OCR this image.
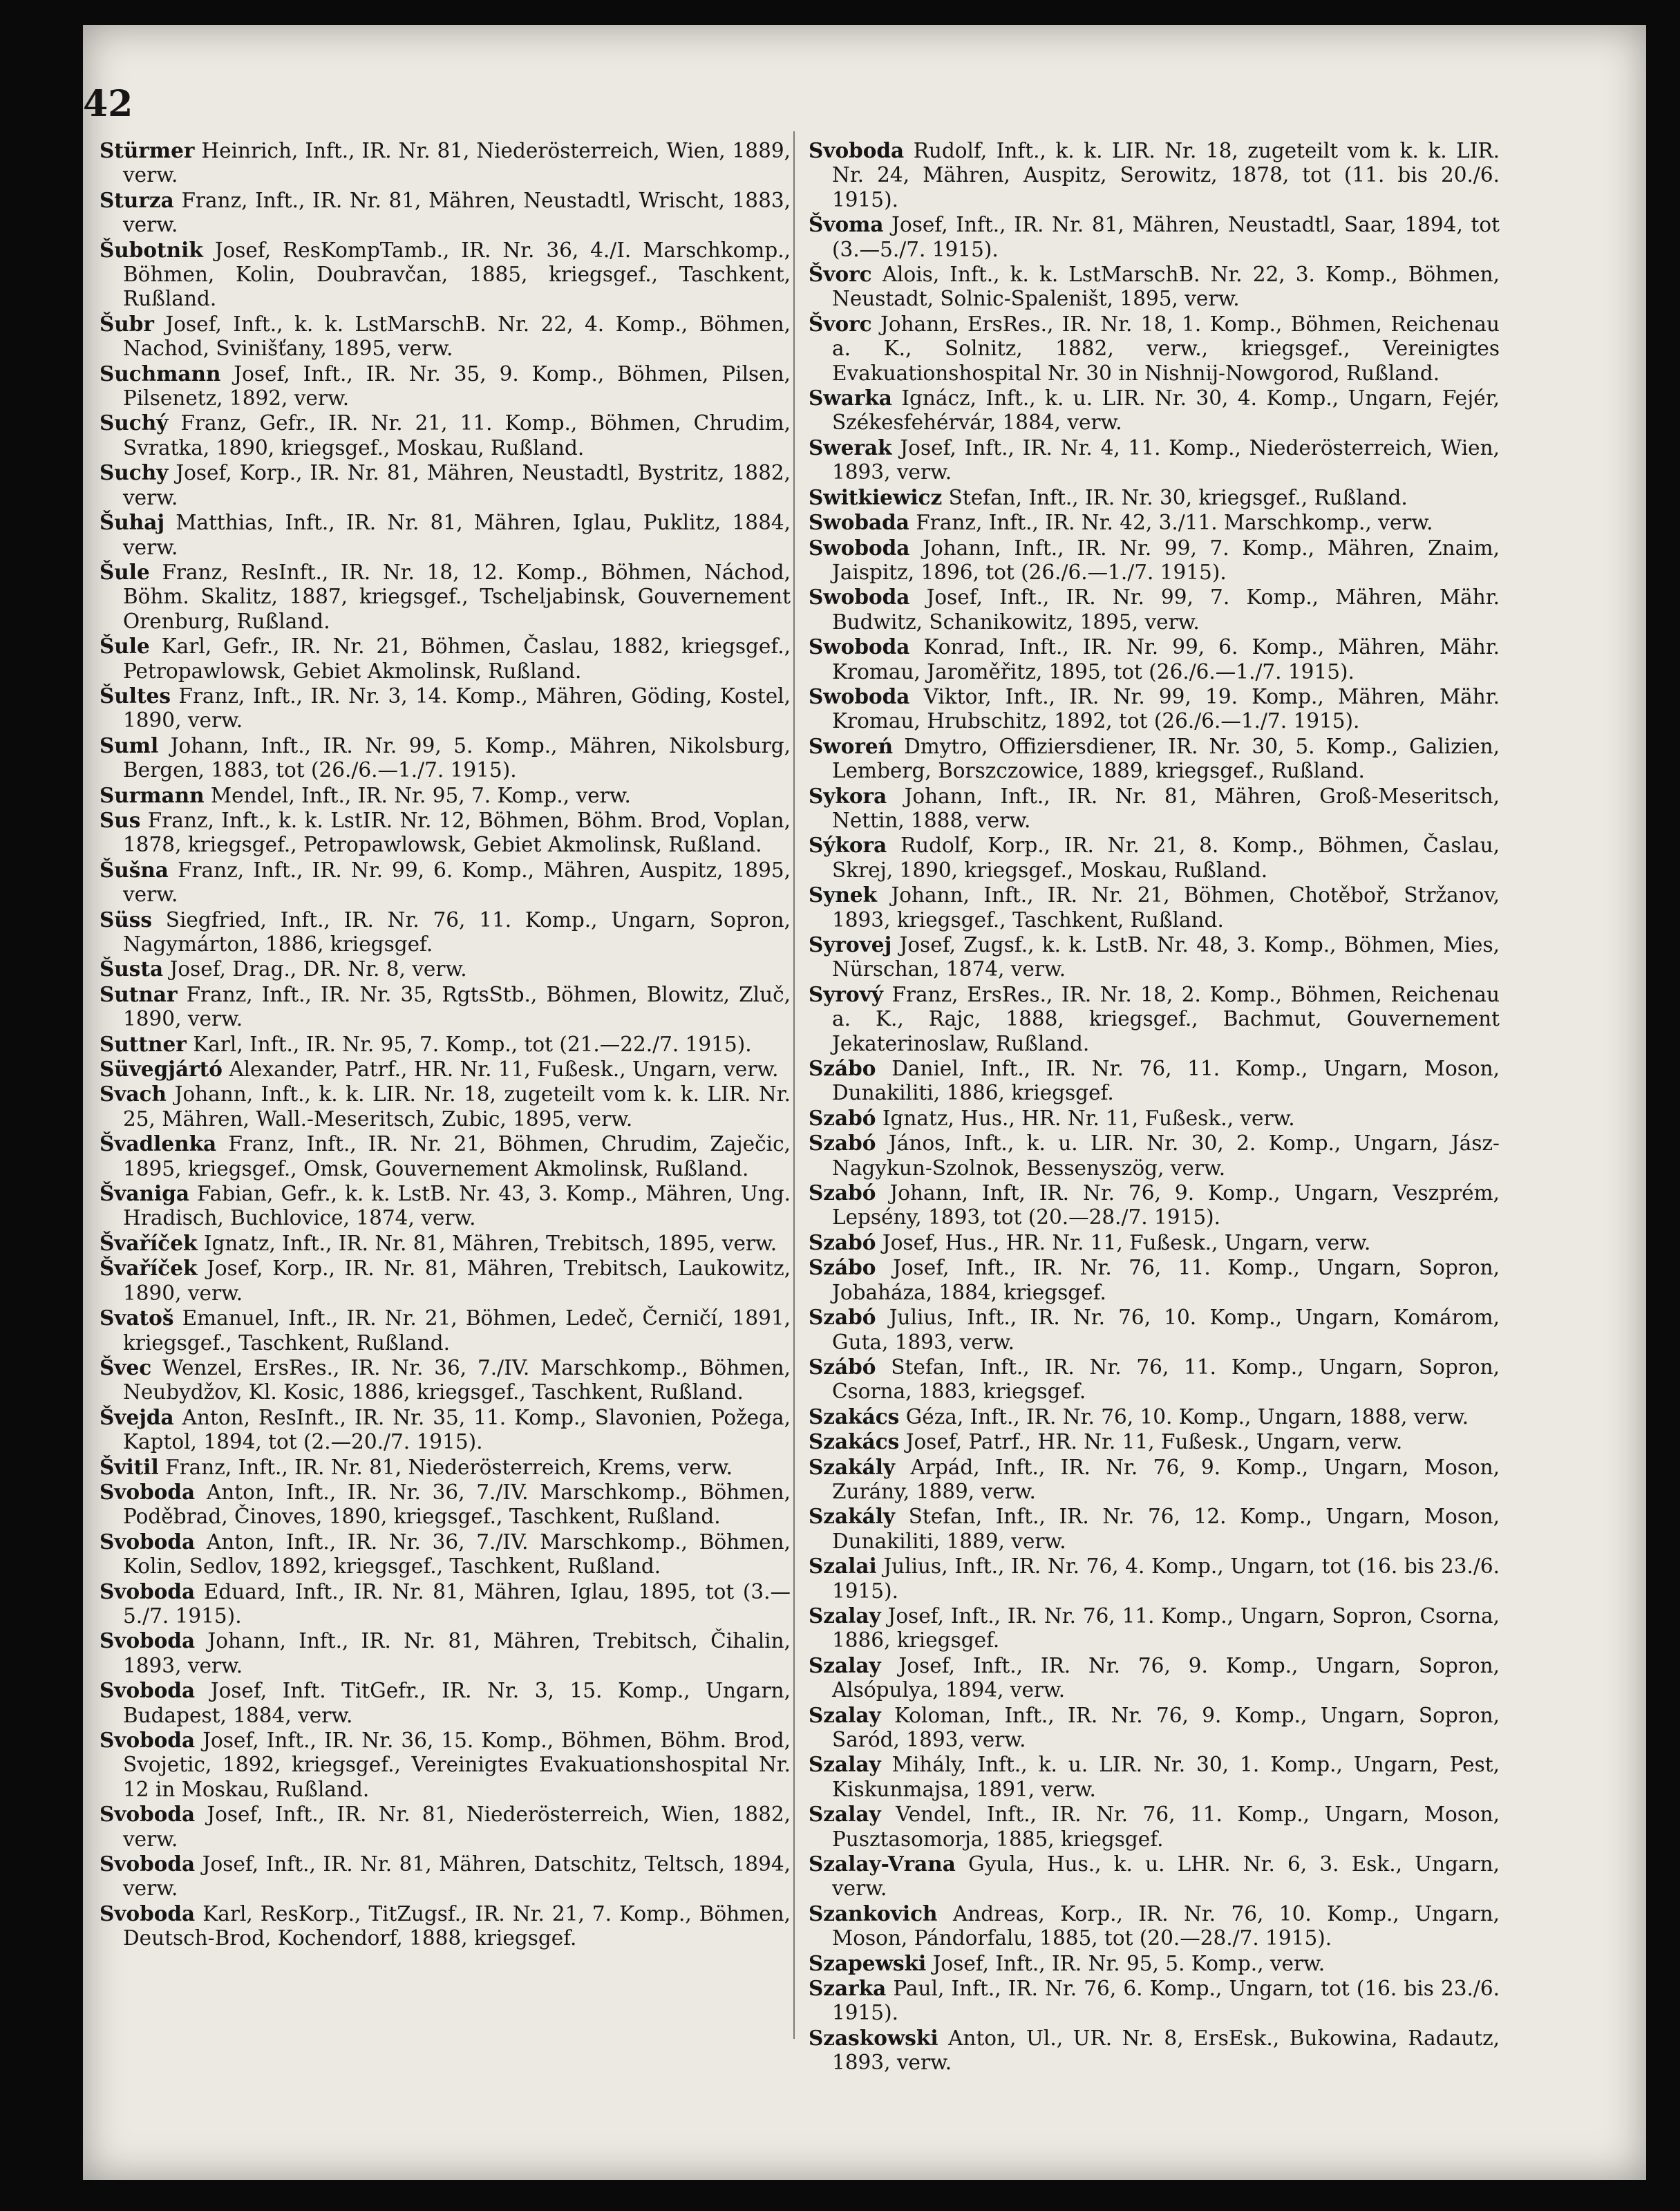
42

Stürmer Heinrich, Inft., IR. Nr. 81, Niederösterreich, Wien, 1889, verw.

Sturza Franz, Inft., IR. Nr. 81, Mähren, Neustadtl, Wrischt, 1883, verw.

Šubotnik Josef, ResKompTamb., IR. Nr. 36, 4./I. Marschkomp., Böhmen, Kolin, Doubravčan, 1885, kriegsgef., Taschkent, Rußland.

Šubr Josef, Inft., k. k. LstMarschB. Nr. 22, 4. Komp., Böhmen, Nachod, Svinišťany, 1895, verw.

Suchmann Josef, Inft., IR. Nr. 35, 9. Komp., Böhmen, Pilsen, Pilsenetz, 1892, verw.

Suchý Franz, Gefr., IR. Nr. 21, 11. Komp., Böhmen, Chrudim, Svratka, 1890, kriegsgef., Moskau, Rußland.

Suchy Josef, Korp., IR. Nr. 81, Mähren, Neustadtl, Bystritz, 1882, verw.

Šuhaj Matthias, Inft., IR. Nr. 81, Mähren, Iglau, Puklitz, 1884, verw.

Šule Franz, ResInft., IR. Nr. 18, 12. Komp., Böhmen, Náchod, Böhm. Skalitz, 1887, kriegsgef., Tscheljabinsk, Gouvernement Orenburg, Rußland.

Šule Karl, Gefr., IR. Nr. 21, Böhmen, Časlau, 1882, kriegsgef., Petropawlowsk, Gebiet Akmolinsk, Rußland.

Šultes Franz, Inft., IR. Nr. 3, 14. Komp., Mähren, Göding, Kostel, 1890, verw.

Suml Johann, Inft., IR. Nr. 99, 5. Komp., Mähren, Nikolsburg, Bergen, 1883, tot (26./6.—1./7. 1915).

Surmann Mendel, Inft., IR. Nr. 95, 7. Komp., verw.

Sus Franz, Inft., k. k. LstIR. Nr. 12, Böhmen, Böhm. Brod, Voplan, 1878, kriegsgef., Petropawlowsk, Gebiet Akmolinsk, Rußland.

Šušna Franz, Inft., IR. Nr. 99, 6. Komp., Mähren, Auspitz, 1895, verw.

Süss Siegfried, Inft., IR. Nr. 76, 11. Komp., Ungarn, Sopron, Nagymárton, 1886, kriegsgef.

Šusta Josef, Drag., DR. Nr. 8, verw.

Sutnar Franz, Inft., IR. Nr. 35, RgtsStb., Böhmen, Blowitz, Zluč, 1890, verw.

Suttner Karl, Inft., IR. Nr. 95, 7. Komp., tot (21.—22./7. 1915).

Süvegjártó Alexander, Patrf., HR. Nr. 11, Fußesk., Ungarn, verw.

Svach Johann, Inft., k. k. LIR. Nr. 18, zugeteilt vom k. k. LIR. Nr. 25, Mähren, Wall.-Meseritsch, Zubic, 1895, verw.

Švadlenka Franz, Inft., IR. Nr. 21, Böhmen, Chrudim, Zaječic, 1895, kriegsgef., Omsk, Gouvernement Akmolinsk, Rußland.

Švaniga Fabian, Gefr., k. k. LstB. Nr. 43, 3. Komp., Mähren, Ung. Hradisch, Buchlovice, 1874, verw.

Švaříček Ignatz, Inft., IR. Nr. 81, Mähren, Trebitsch, 1895, verw.

Švaříček Josef, Korp., IR. Nr. 81, Mähren, Trebitsch, Laukowitz, 1890, verw.

Svatoš Emanuel, Inft., IR. Nr. 21, Böhmen, Ledeč, Černičí, 1891, kriegsgef., Taschkent, Rußland.

Švec Wenzel, ErsRes., IR. Nr. 36, 7./IV. Marschkomp., Böhmen, Neubydžov, Kl. Kosic, 1886, kriegsgef., Taschkent, Rußland.

Švejda Anton, ResInft., IR. Nr. 35, 11. Komp., Slavonien, Požega, Kaptol, 1894, tot (2.—20./7. 1915).

Švitil Franz, Inft., IR. Nr. 81, Niederösterreich, Krems, verw.

Svoboda Anton, Inft., IR. Nr. 36, 7./IV. Marschkomp., Böhmen, Poděbrad, Činoves, 1890, kriegsgef., Taschkent, Rußland.

Svoboda Anton, Inft., IR. Nr. 36, 7./IV. Marschkomp., Böhmen, Kolin, Sedlov, 1892, kriegsgef., Taschkent, Rußland.

Svoboda Eduard, Inft., IR. Nr. 81, Mähren, Iglau, 1895, tot (3.—5./7. 1915).

Svoboda Johann, Inft., IR. Nr. 81, Mähren, Trebitsch, Čihalin, 1893, verw.

Svoboda Josef, Inft. TitGefr., IR. Nr. 3, 15. Komp., Ungarn, Budapest, 1884, verw.

Svoboda Josef, Inft., IR. Nr. 36, 15. Komp., Böhmen, Böhm. Brod, Svojetic, 1892, kriegsgef., Vereinigtes Evakuationshospital Nr. 12 in Moskau, Rußland.

Svoboda Josef, Inft., IR. Nr. 81, Niederösterreich, Wien, 1882, verw.

Svoboda Josef, Inft., IR. Nr. 81, Mähren, Datschitz, Teltsch, 1894, verw.

Svoboda Karl, ResKorp., TitZugsf., IR. Nr. 21, 7. Komp., Böhmen, Deutsch-Brod, Kochendorf, 1888, kriegsgef.

Svoboda Rudolf, Inft., k. k. LIR. Nr. 18, zugeteilt vom k. k. LIR. Nr. 24, Mähren, Auspitz, Serowitz, 1878, tot (11. bis 20./6. 1915).

Švoma Josef, Inft., IR. Nr. 81, Mähren, Neustadtl, Saar, 1894, tot (3.—5./7. 1915).

Švorc Alois, Inft., k. k. LstMarschB. Nr. 22, 3. Komp., Böhmen, Neustadt, Solnic-Spaleništ, 1895, verw.

Švorc Johann, ErsRes., IR. Nr. 18, 1. Komp., Böhmen, Reichenau a. K., Solnitz, 1882, verw., kriegsgef., Vereinigtes Evakuationshospital Nr. 30 in Nishnij-Nowgorod, Rußland.

Swarka Ignácz, Inft., k. u. LIR. Nr. 30, 4. Komp., Ungarn, Fejér, Székesfehérvár, 1884, verw.

Swerak Josef, Inft., IR. Nr. 4, 11. Komp., Niederösterreich, Wien, 1893, verw.

Switkiewicz Stefan, Inft., IR. Nr. 30, kriegsgef., Rußland.

Swobada Franz, Inft., IR. Nr. 42, 3./11. Marschkomp., verw.

Swoboda Johann, Inft., IR. Nr. 99, 7. Komp., Mähren, Znaim, Jaispitz, 1896, tot (26./6.—1./7. 1915).

Swoboda Josef, Inft., IR. Nr. 99, 7. Komp., Mähren, Mähr. Budwitz, Schanikowitz, 1895, verw.

Swoboda Konrad, Inft., IR. Nr. 99, 6. Komp., Mähren, Mähr. Kromau, Jaroměřitz, 1895, tot (26./6.—1./7. 1915).

Swoboda Viktor, Inft., IR. Nr. 99, 19. Komp., Mähren, Mähr. Kromau, Hrubschitz, 1892, tot (26./6.—1./7. 1915).

Sworeń Dmytro, Offiziersdiener, IR. Nr. 30, 5. Komp., Galizien, Lemberg, Borszczowice, 1889, kriegsgef., Rußland.

Sykora Johann, Inft., IR. Nr. 81, Mähren, Groß-Meseritsch, Nettin, 1888, verw.

Sýkora Rudolf, Korp., IR. Nr. 21, 8. Komp., Böhmen, Časlau, Skrej, 1890, kriegsgef., Moskau, Rußland.

Synek Johann, Inft., IR. Nr. 21, Böhmen, Chotěboř, Stržanov, 1893, kriegsgef., Taschkent, Rußland.

Syrovej Josef, Zugsf., k. k. LstB. Nr. 48, 3. Komp., Böhmen, Mies, Nürschan, 1874, verw.

Syrový Franz, ErsRes., IR. Nr. 18, 2. Komp., Böhmen, Reichenau a. K., Rajc, 1888, kriegsgef., Bachmut, Gouvernement Jekaterinoslaw, Rußland.

Szábo Daniel, Inft., IR. Nr. 76, 11. Komp., Ungarn, Moson, Dunakiliti, 1886, kriegsgef.

Szabó Ignatz, Hus., HR. Nr. 11, Fußesk., verw.

Szabó János, Inft., k. u. LIR. Nr. 30, 2. Komp., Ungarn, Jász-Nagykun-Szolnok, Bessenyszög, verw.

Szabó Johann, Inft, IR. Nr. 76, 9. Komp., Ungarn, Veszprém, Lepsény, 1893, tot (20.—28./7. 1915).

Szabó Josef, Hus., HR. Nr. 11, Fußesk., Ungarn, verw.

Szábo Josef, Inft., IR. Nr. 76, 11. Komp., Ungarn, Sopron, Jobaháza, 1884, kriegsgef.

Szabó Julius, Inft., IR. Nr. 76, 10. Komp., Ungarn, Komárom, Guta, 1893, verw.

Szábó Stefan, Inft., IR. Nr. 76, 11. Komp., Ungarn, Sopron, Csorna, 1883, kriegsgef.

Szakács Géza, Inft., IR. Nr. 76, 10. Komp., Ungarn, 1888, verw.

Szakács Josef, Patrf., HR. Nr. 11, Fußesk., Ungarn, verw.

Szakály Arpád, Inft., IR. Nr. 76, 9. Komp., Ungarn, Moson, Zurány, 1889, verw.

Szakály Stefan, Inft., IR. Nr. 76, 12. Komp., Ungarn, Moson, Dunakiliti, 1889, verw.

Szalai Julius, Inft., IR. Nr. 76, 4. Komp., Ungarn, tot (16. bis 23./6. 1915).

Szalay Josef, Inft., IR. Nr. 76, 11. Komp., Ungarn, Sopron, Csorna, 1886, kriegsgef.

Szalay Josef, Inft., IR. Nr. 76, 9. Komp., Ungarn, Sopron, Alsópulya, 1894, verw.

Szalay Koloman, Inft., IR. Nr. 76, 9. Komp., Ungarn, Sopron, Saród, 1893, verw.

Szalay Mihály, Inft., k. u. LIR. Nr. 30, 1. Komp., Ungarn, Pest, Kiskunmajsa, 1891, verw.

Szalay Vendel, Inft., IR. Nr. 76, 11. Komp., Ungarn, Moson, Pusztasomorja, 1885, kriegsgef.

Szalay-Vrana Gyula, Hus., k. u. LHR. Nr. 6, 3. Esk., Ungarn, verw.

Szankovich Andreas, Korp., IR. Nr. 76, 10. Komp., Ungarn, Moson, Pándorfalu, 1885, tot (20.—28./7. 1915).

Szapewski Josef, Inft., IR. Nr. 95, 5. Komp., verw.

Szarka Paul, Inft., IR. Nr. 76, 6. Komp., Ungarn, tot (16. bis 23./6. 1915).

Szaskowski Anton, Ul., UR. Nr. 8, ErsEsk., Bukowina, Radautz, 1893, verw.
